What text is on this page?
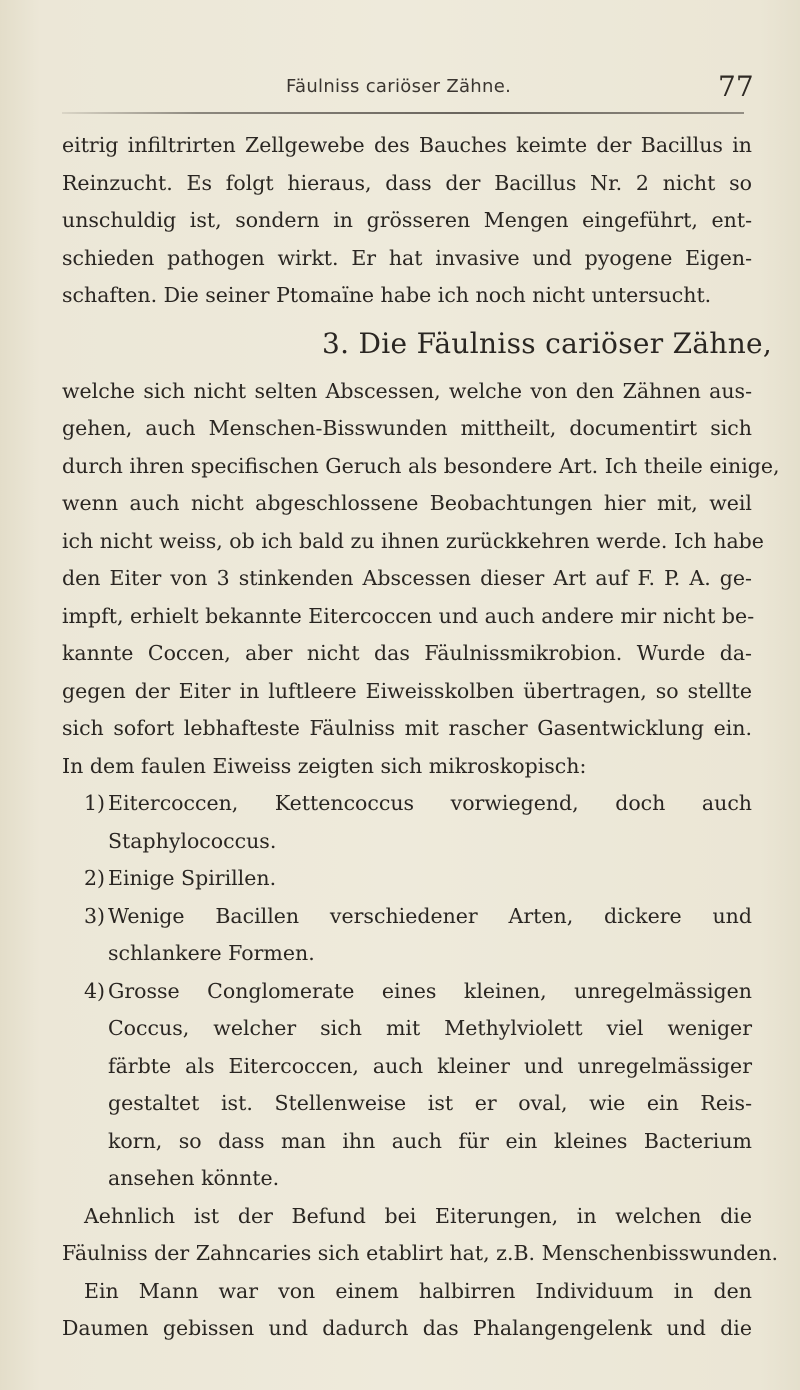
Fäulniss cariöser Zähne.	77
eitrig infiltrirten Zellgewebe des Bauches keimte der Bacillus in
Reinzucht. Es folgt hieraus, dass der Bacillus Nr. 2 nicht so
unschuldig ist, sondern in grösseren Mengen eingeführt, ent-
schieden pathogen wirkt. Er hat invasive und pyogene Eigen-
schaften. Die seiner Ptomaïne habe ich noch nicht untersucht.
3. Die Fäulniss cariöser Zähne,
welche sich nicht selten Abscessen, welche von den Zähnen aus-
gehen, auch Menschen-Bisswunden mittheilt, documentirt sich
durch ihren specifischen Geruch als besondere Art. Ich theile einige,
wenn auch nicht abgeschlossene Beobachtungen hier mit, weil
ich nicht weiss, ob ich bald zu ihnen zurückkehren werde. Ich habe
den Eiter von 3 stinkenden Abscessen dieser Art auf F. P. A. ge-
impft, erhielt bekannte Eitercoccen und auch andere mir nicht be-
kannte Coccen, aber nicht das Fäulnissmikrobion. Wurde da-
gegen der Eiter in luftleere Eiweisskolben übertragen, so stellte
sich sofort lebhafteste Fäulniss mit rascher Gasentwicklung ein.
In dem faulen Eiweiss zeigten sich mikroskopisch:
1) Eitercoccen, Kettencoccus vorwiegend, doch auch
Staphylococcus.
2) Einige Spirillen.
3) Wenige Bacillen verschiedener Arten, dickere und
schlankere Formen.
4) Grosse Conglomerate eines kleinen, unregelmässigen
Coccus, welcher sich mit Methylviolett viel weniger
färbte als Eitercoccen, auch kleiner und unregelmässiger
gestaltet ist. Stellenweise ist er oval, wie ein Reis-
korn, so dass man ihn auch für ein kleines Bacterium
ansehen könnte.
Aehnlich ist der Befund bei Eiterungen, in welchen die
Fäulniss der Zahncaries sich etablirt hat, z.B. Menschenbisswunden.
Ein Mann war von einem halbirren Individuum in den
Daumen gebissen und dadurch das Phalangengelenk und die
